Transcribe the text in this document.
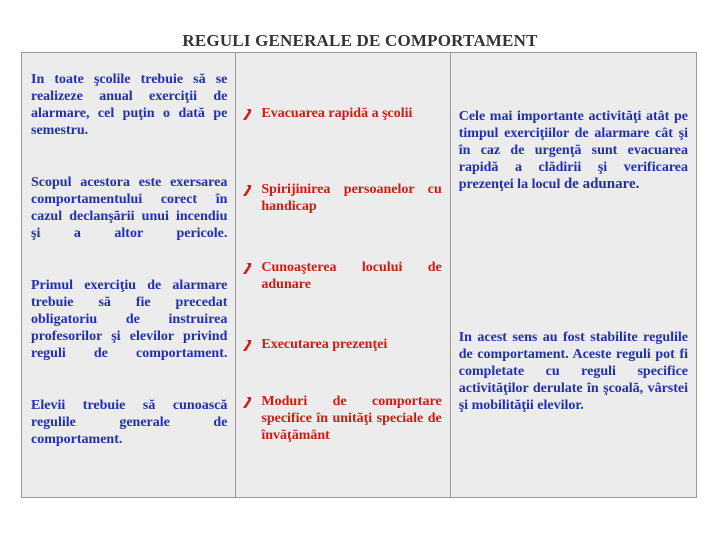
REGULI GENERALE DE COMPORTAMENT

In toate şcolile trebuie să se realizeze anual exerciţii de alarmare, cel puţin o dată pe semestru.

Scopul acestora este exersarea comportamentului corect în cazul declanşării unui incendiu şi a altor pericole.

Primul exerciţiu de alarmare trebuie să fie precedat obligatoriu de instruirea profesorilor şi elevilor privind reguli de comportament.

Elevii trebuie să cunoască regulile generale de comportament.

Evacuarea rapidă a şcolii
Spirijinirea persoanelor cu handicap
Cunoaşterea locului de adunare
Executarea prezenţei
Moduri de comportare specifice în unităţi speciale de învăţământ
Cele mai importante activităţi atât pe timpul exerciţiilor de alarmare cât şi în caz de urgenţă sunt evacuarea rapidă a clădirii şi verificarea prezenţei la locul de adunare.
In acest sens au fost stabilite regulile de comportament. Aceste reguli pot fi completate cu reguli specifice activităţilor derulate în şcoală, vârstei şi mobilităţii elevilor.
